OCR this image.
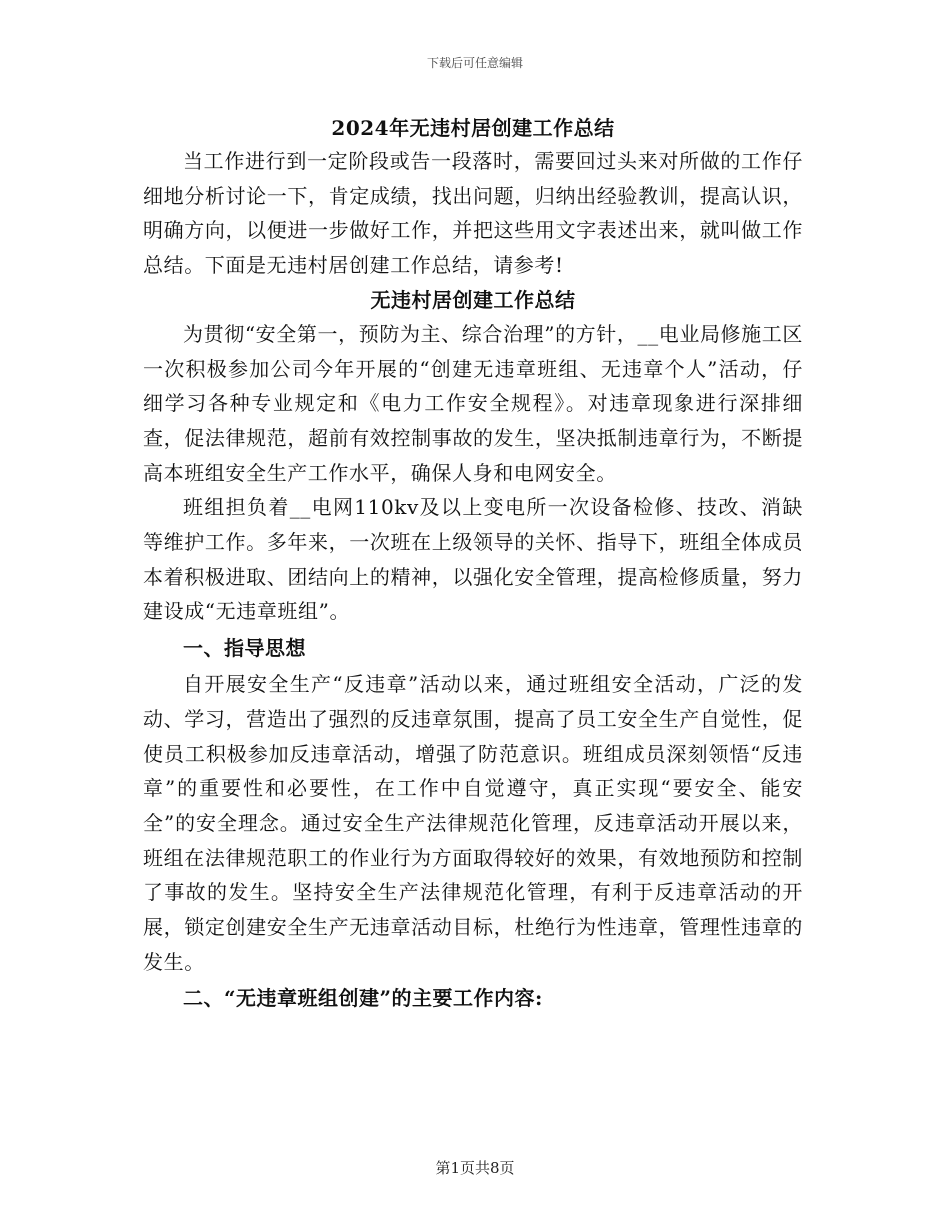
下载后可任意编辑

2024年无违村居创建工作总结

当工作进行到一定阶段或告一段落时，需要回过头来对所做的工作仔细地分析讨论一下，肯定成绩，找出问题，归纳出经验教训，提高认识，明确方向，以便进一步做好工作，并把这些用文字表述出来，就叫做工作总结。下面是无违村居创建工作总结，请参考!

无违村居创建工作总结

为贯彻“安全第一，预防为主、综合治理”的方针，__电业局修施工区一次积极参加公司今年开展的“创建无违章班组、无违章个人”活动，仔细学习各种专业规定和《电力工作安全规程》。对违章现象进行深排细查，促法律规范，超前有效控制事故的发生，坚决抵制违章行为，不断提高本班组安全生产工作水平，确保人身和电网安全。

班组担负着__电网110kv及以上变电所一次设备检修、技改、消缺等维护工作。多年来，一次班在上级领导的关怀、指导下，班组全体成员本着积极进取、团结向上的精神，以强化安全管理，提高检修质量，努力建设成“无违章班组”。

一、指导思想

自开展安全生产“反违章”活动以来，通过班组安全活动，广泛的发动、学习，营造出了强烈的反违章氛围，提高了员工安全生产自觉性，促使员工积极参加反违章活动，增强了防范意识。班组成员深刻领悟“反违章”的重要性和必要性，在工作中自觉遵守，真正实现“要安全、能安全”的安全理念。通过安全生产法律规范化管理，反违章活动开展以来，班组在法律规范职工的作业行为方面取得较好的效果，有效地预防和控制了事故的发生。坚持安全生产法律规范化管理，有利于反违章活动的开展，锁定创建安全生产无违章活动目标，杜绝行为性违章，管理性违章的发生。

二、“无违章班组创建”的主要工作内容:

第1页共8页
